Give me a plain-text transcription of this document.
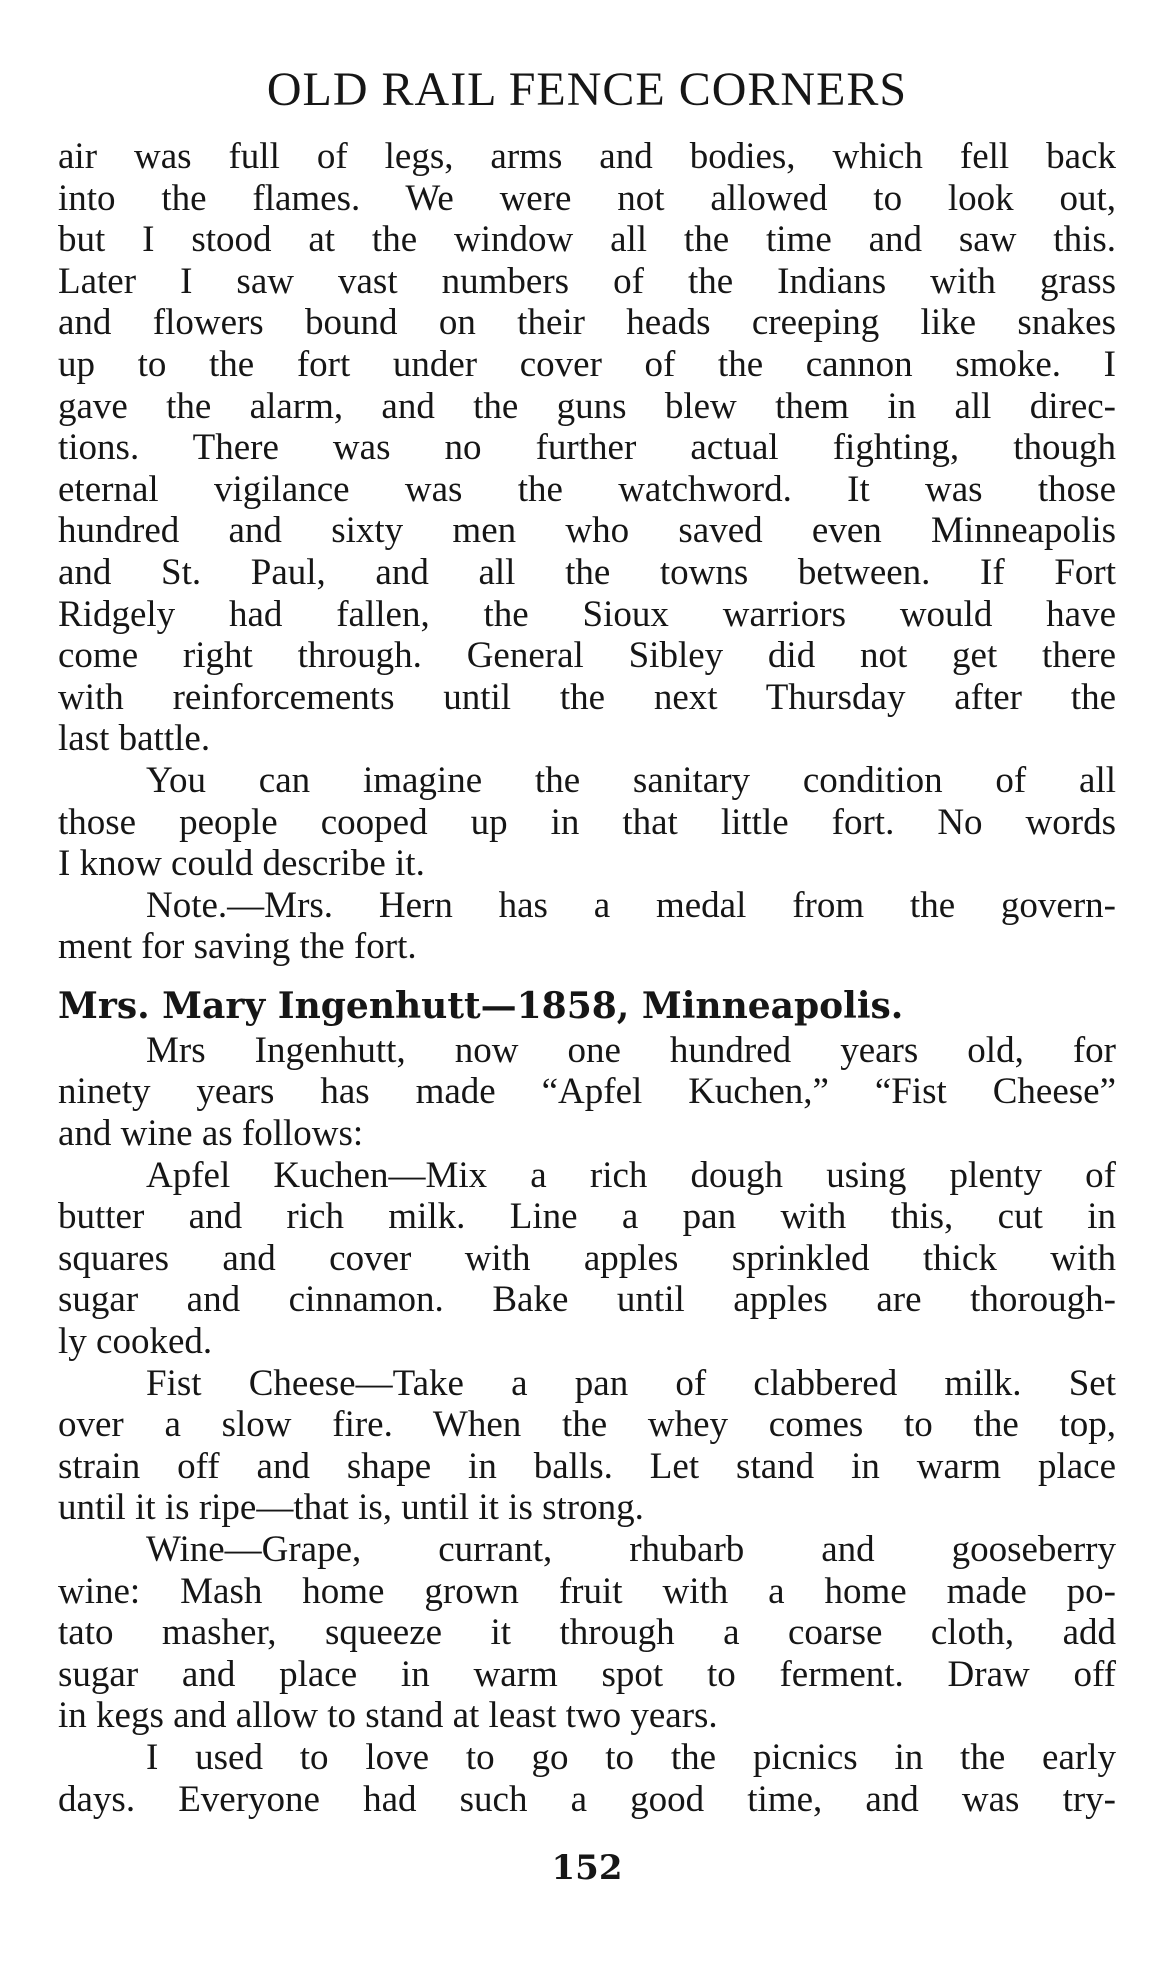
OLD RAIL FENCE CORNERS
air was full of legs, arms and bodies, which fell back
into the flames. We were not allowed to look out,
but I stood at the window all the time and saw this.
Later I saw vast numbers of the Indians with grass
and flowers bound on their heads creeping like snakes
up to the fort under cover of the cannon smoke. I
gave the alarm, and the guns blew them in all direc-
tions. There was no further actual fighting, though
eternal vigilance was the watchword. It was those
hundred and sixty men who saved even Minneapolis
and St. Paul, and all the towns between. If Fort
Ridgely had fallen, the Sioux warriors would have
come right through. General Sibley did not get there
with reinforcements until the next Thursday after the
last battle.
You can imagine the sanitary condition of all
those people cooped up in that little fort. No words
I know could describe it.
Note.—Mrs. Hern has a medal from the govern-
ment for saving the fort.
Mrs. Mary Ingenhutt—1858, Minneapolis.
Mrs Ingenhutt, now one hundred years old, for
ninety years has made “Apfel Kuchen,” “Fist Cheese”
and wine as follows:
Apfel Kuchen—Mix a rich dough using plenty of
butter and rich milk. Line a pan with this, cut in
squares and cover with apples sprinkled thick with
sugar and cinnamon. Bake until apples are thorough-
ly cooked.
Fist Cheese—Take a pan of clabbered milk. Set
over a slow fire. When the whey comes to the top,
strain off and shape in balls. Let stand in warm place
until it is ripe—that is, until it is strong.
Wine—Grape, currant, rhubarb and gooseberry
wine: Mash home grown fruit with a home made po-
tato masher, squeeze it through a coarse cloth, add
sugar and place in warm spot to ferment. Draw off
in kegs and allow to stand at least two years.
I used to love to go to the picnics in the early
days. Everyone had such a good time, and was try-
152
